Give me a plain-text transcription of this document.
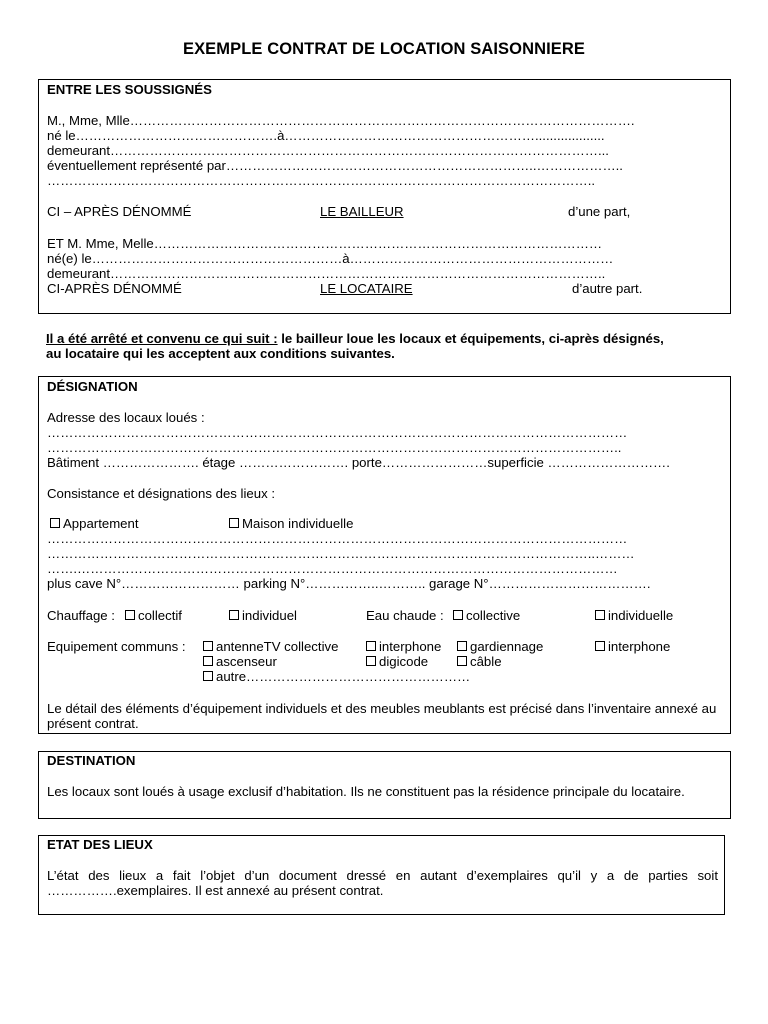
EXEMPLE CONTRAT DE LOCATION SAISONNIERE
ENTRE LES SOUSSIGNÉS
M., Mme, Mlle…………………………………………………………………………………………………….
né le……………………………………….à…………………………………………………...................
demeurant…………………………………………………………………………………………………...
éventuellement représenté par……………………………………………………………..………………..
……………………………………………………………………………………………………………..
CI – APRÈS DÉNOMMÉ	LE BAILLEUR	d’une part,
ET M. Mme, Melle…………………………………………………………………………………………
né(e) le…………………………………………………à……………………………………………………
demeurant…………………………………………………………………………………………………..
CI-APRÈS DÉNOMMÉ	LE LOCATAIRE	d’autre part.
Il a été arrêté et convenu ce qui suit : le bailleur loue les locaux et équipements, ci-après désignés,
au locataire qui les acceptent aux conditions suivantes.
DÉSIGNATION
Adresse des locaux loués :
……………………………………………………………………………………………………………………
…………………………………………………………………………………………………………………..
Bâtiment …………………. étage ……………………. porte……………………superficie ……………………….
Consistance et désignations des lieux :
Appartement	Maison individuelle
……………………………………………………………………………………………………………………
……………………………………………………………………………………………………………..………
…….……………………………………………………………………………………………………………
plus cave N°……………………… parking N°……………..……….. garage N°……………………………….
Chauffage :	collectif	individuel	Eau chaude :	collective	individuelle
Equipement communs :	antenneTV collective	interphone	gardiennage	interphone
ascenseur	digicode	câble
autre……………………………………………
Le détail des éléments d’équipement individuels et des meubles meublants est précisé dans l’inventaire annexé au présent contrat.
DESTINATION
Les locaux sont loués à usage exclusif d’habitation. Ils ne constituent pas la résidence principale du locataire.
ETAT DES LIEUX
L’état des lieux a fait l’objet d’un document dressé en autant d’exemplaires qu’il y a de parties soit …………….exemplaires. Il est annexé au présent contrat.
